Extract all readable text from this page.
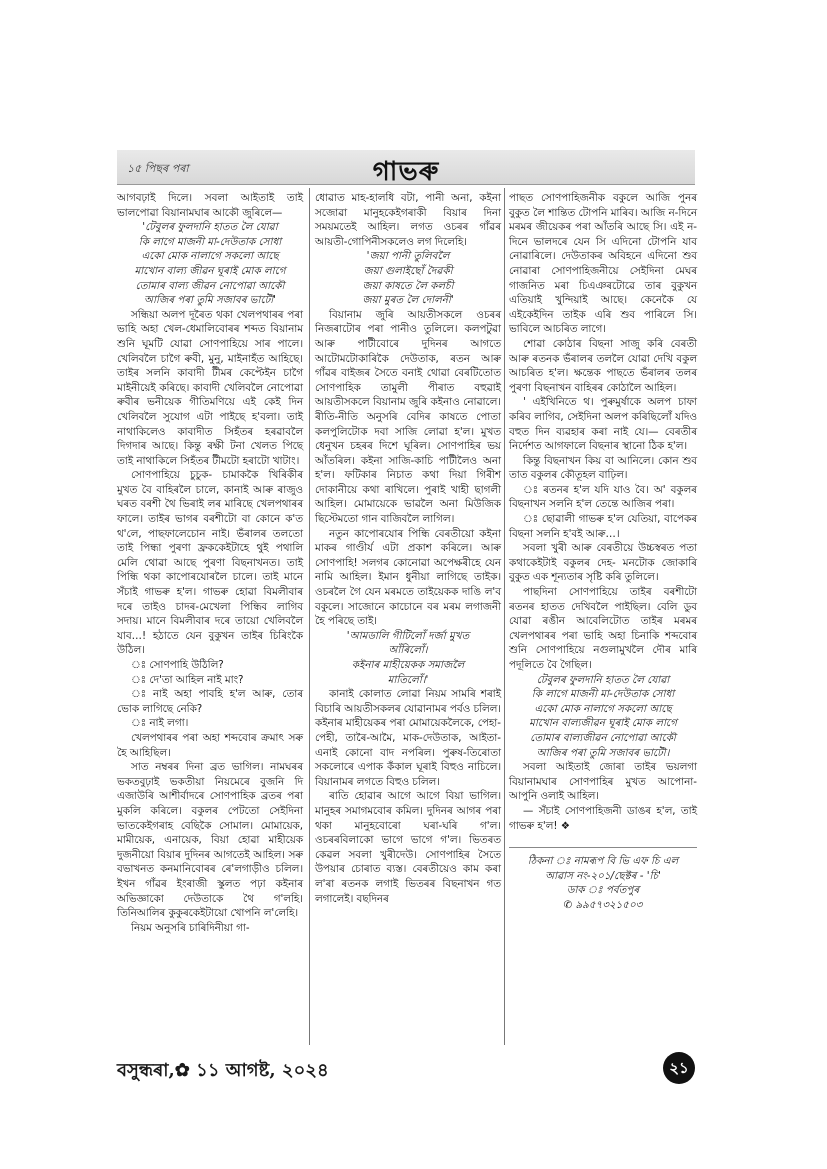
১৫ পিছৰ পৰা	গাভৰু

আগবঢ়াই দিলে। সবলা আইতাই তাই ভালপোৱা বিয়ানামঘাৰ আকৌ জুৰিলে—

'টেবুলৰ ফুলদানি হাতত লৈ যোৱা

কি লাগে মাজনী মা-দেউতাক সোধা

একো মোক নালাগে সকলো আছে

মাখোন বাল্য জীৱন ঘূৰাই মোক লাগে

তোমাৰ বাল্য জীৱন নোপোৱা আকৌ

আজিৰ পৰা তুমি সজাবৰ ভাটৌ'

সন্ধিয়া অলপ দূৰৈত থকা খেলপথাৰৰ পৰা ভাহি অহা খেল-ধেমালিবোৰৰ শব্দত বিয়ানাম শুনি ঘূমটি যোৱা সোণপাহিয়ে সাৰ পালে। খেলিবলৈ চাগৈ ৰুবী, মুনু, মাইনাহঁত আহিছে। তাইৰ সলনি কাবাদী টীমৰ কেপ্টেইন চাগৈ মাইনীয়েই কৰিছে। কাবাদী খেলিবলৈ নোপোৱা ৰুবীৰ ভনীয়েক গীতিমণিয়ে এই কেই দিন খেলিবলৈ সুযোগ এটা পাইছে হ'বলা। তাই নাথাকিলেও কাবাদীত সিহঁতৰ হৰৱাবলৈ দিগদাৰ আছে। কিন্তু ৰক্ষী টনা খেলত পিছে তাই নাথাকিলে সিহঁতৰ টীমটো হৰাটো খাটাং।

সোণপাহিয়ে চুচুক- চামাককৈ খিৰিকীৰ মুখত বৈ বাহিৰলৈ চালে, কানাই আৰু ৰাজুও ঘৰত বৰশী থৈ ভিৰাই লৰ মাৰিছে খেলপথাৰৰ ফালে। তাইৰ ভাগৰ বৰশীটো বা কোনে ক'ত থ'লে, পাছফালেচোন নাই। ভঁৰালৰ তলতো তাই পিন্ধা পুৰণা ফ্ৰককেইটাহে থুই পথালি মেলি থোৱা আছে পুৰণা বিছনাখনত। তাই পিন্ধি থকা কাপোৰযোৰলৈ চালে। তাই মানে সঁচাই গাভৰু হ'ল। গাভৰু হোৱা বিমলীবাৰ দৰে তাইও চাদৰ-মেখেলা পিন্ধিব লাগিব সদায়। মানে বিমলীবাৰ দৰে তায়ো খেলিবলৈ যাব…! হঠাতে যেন বুকুখন তাইৰ চিৰিংকৈ উঠিল।

ঃ সোণপাহি উঠিলি?

ঃ দে'তা আহিল নাই মাং?

ঃ নাই অহা পাবহি হ'ল আৰু, তোৰ ভোক লাগিছে নেকি?

ঃ নাই লগা।

খেলপথাৰৰ পৰা অহা শব্দবোৰ ক্ৰমাৎ সৰু হৈ আহিছিল।

সাত নম্বৰৰ দিনা ব্ৰত ভাগিল। নামঘৰৰ ভকতবুঢ়াই ভকতীয়া নিয়মেৰে বুজনি দি এজাউৰি আশীৰ্বাদৰে সোণপাহিক ব্ৰতৰ পৰা মুকলি কৰিলে। বকুলৰ পেটতো সেইদিনা ভাতকেইগৰাহ বেছিকৈ সোমাল। মোমায়েক, মামীয়েক, এনায়েক, বিয়া হোৱা মাহীয়েক দুজনীয়ো বিয়াৰ দুদিনৰ আগতেই আহিল। সৰু বভাখনত কনমানিবোৰৰ ৰে'লগাড়ীও চলিল। ইখন গাঁৱৰ ইংৰাজী স্কুলত পঢ়া কইনাৰ অভিজ্ঞাকো দেউতাকে থৈ গ'লহি। তিনিআলিৰ কুকুৰকেইটায়ো খোপনি ল'লেহি।

নিয়ম অনুসৰি চাৰিদিনীয়া গা-

ধোৱাত মাহ-হালধি বটা, পানী অনা, কইনা সজোৱা মানুহকেইগৰাকী বিয়াৰ দিনা সময়মতেই আহিল। লগত ওচৰৰ গাঁৱৰ আয়তী-গোপিনীসকলেও লগ দিলেহি।

'জয়া পানী তুলিবলৈ

জয়া গুলাইছোঁ দৈৱকী

জয়া কাষতে লৈ কলচী

জয়া মুৰত লৈ দোলনী'

বিয়ানাম জুৰি আয়তীসকলে ওচৰৰ নিজৰাটোৰ পৰা পানীও তুলিলে। কলপটুৱা আৰু পাটীবোৰে দুদিনৰ আগতে আটোমটোকাৰিকৈ দেউতাক, ৰতন আৰু গাঁৱৰ বাইজৰ সৈতে বনাই থোৱা বেৰটিতোত সোণপাহিক তামুলী পীৰাত বহুৱাই আয়তীসকলে বিয়ানাম জুৰি কইনাও নোৱালে। ৰীতি-নীতি অনুসৰি বেদিৰ কাষতে পোতা কলপুলিটোক দবা সাজি লোৱা হ'ল। মুখত ধেনুখন চহৰৰ দিশে ঘূৰিল। সোণপাহিৰ ভয় আঁতৰিল। কইনা সাজি-কাচি পাটীলৈও অনা হ'ল। ফটিকাৰ নিচাত কথা দিয়া গিৰীশ দোকানীয়ে কথা ৰাখিলে। পুৰাই খাহী ছাগলী আহিল। মোমায়েকে ভাৱলৈ অনা মিউজিক ছিস্টেমতো গান বাজিবলৈ লাগিল।

নতুন কাপোৰযোৰ পিন্ধি বেৰতীয়ো কইনা মাকৰ গাণ্ডীৰ্য এটা প্ৰকাশ কৰিলে। আৰু সোণপাহি! সলগৰ কোনোৱা অপেক্ষৰীহে যেন নামি আহিল। ইমান ধুনীয়া লাগিছে তাইক। ওচৰলৈ গৈ যেন মৰমতে তাইয়েকক দাঙি ল'ব বকুলে। সাজোনে কাচোনে বৰ মৰম লগাজনী হৈ পৰিছে তাই।

'আমডালি গীটিলোঁ দৰ্জা মুখত

আঁৰিলোঁ।

কইনাৰ মাহীয়েকক সমাজলৈ

মাতিলোঁ।'

কানাই কোলাত লোৱা নিয়ম সামৰি শৰাই বিচাৰি আয়তীসকলৰ যোৱানামৰ পৰ্বও চলিল। কইনাৰ মাহীয়েকৰ পৰা মোমায়েকলৈকে, পেহা-পেহী, তাৰৈ-আমৈ, মাক-দেউতাক, আইতা-এনাই কোনো বাদ নপৰিল। পুৰুষ-তিৰোতা সকলোৰে এপাক কঁকাল ঘূৰাই বিহুও নাচিলে। বিয়ানামৰ লগতে বিহুও চলিল।

ৰাতি হোৱাৰ আগে আগে বিয়া ভাগিল। মানুহৰ সমাগমবোৰ কমিল। দুদিনৰ আগৰ পৰা থকা মানুহবোৰো ঘৰা-ঘৰি গ'ল। ওচৰৰবিলাকো ভাগে ভাগে গ'ল। ভিতৰত কেৱল সবলা খুৰীদেউ। সোণপাহিৰ সৈতে উপয়াৰ চোৰাত ব্যস্ত। বেৰতীয়েও কাম কৰা ল'ৰা ৰতনক লগাই ভিতৰৰ বিছনাখন গত লগালেই। বছদিনৰ

পাছত সোণপাহিজনীক বকুলে আজি পুনৰ বুকুত লৈ শান্তিত টোপনি মাৰিব। আজি ন-দিনে মৰমৰ জীয়েকৰ পৰা আঁতৰি আছে সি। এই ন-দিনে ভালদৰে যেন সি এদিনো টোপনি যাব নোৱাৰিলে। দেউতাকৰ অবিহনে এদিনো শুব নোৱাৰা সোণপাহিজনীয়ে সেইদিনা মেঘৰ গাজনিত মৰা চিএঞৰটোৱে তাৰ বুকুখন এতিয়াই খুন্দিয়াই আছে। কেনেকৈ যে এইকেইদিন তাইক এৰি শুব পাৰিলে সি। ভাবিলে আচৰিত লাগে।

শোৱা কোঠাৰ বিছনা সাজু কৰি বেৰতী আৰু ৰতনক ভঁৰালৰ তললৈ যোৱা দেখি বকুল আচৰিত হ'ল। ক্ষন্তেক পাছতে ভঁৰালৰ তলৰ পুৰণা বিছনাখন বাহিৰৰ কোঠালৈ আহিল।

' এইখিনিতে থ। পুৰুমুৰ্ষাকে অলপ চাফা কৰিব লাগিব, সেইদিনা অলপ কৰিছিলোঁ যদিও বহুত দিন ব্যৱহাৰ কৰা নাই যে।— বেৰতীৰ নিৰ্দেশত আগফালে বিছনাৰ স্থানো ঠিক হ'ল।

কিন্তু বিছনাখন কিয় বা আনিলে। কোন শুব তাত বকুলৰ কৌতূহল বাঢ়িল।

ঃ ৰতনৰ হ'ল যদি যাও বৈ। অ' বকুলৰ বিছনাখন সলনি হ'ল তেন্তে আজিৰ পৰা।

ঃ ছোৱালী গাভৰু হ'ল যেতিয়া, বাপেকৰ বিছনা সলনি হ'বই আৰু…।

সবলা খুৰী আৰু বেৰতীয়ে উচ্চস্বৰত পতা কথাকেইটাই বকুলৰ দেহ- মনটোক জোকাৰি বুকুত এক শূন্যতাৰ সৃষ্টি কৰি তুলিলে।

পাছদিনা সোণপাহিয়ে তাইৰ বৰশীটো ৰতনৰ হাতত দেখিবলৈ পাইছিল। বেলি ডুব যোৱা ৰঙীন আবেলিটোত তাইৰ মৰমৰ খেলপথাৰৰ পৰা ভাহি অহা চিনাকি শব্দবোৰ শুনি সোণপাহিয়ে নগুলামুখলৈ দৌৰ মাৰি পদূলিতে বৈ গৈছিল।

টেবুলৰ ফুলদানি হাতত লৈ যোৱা

কি লাগে মাজনী মা-দেউতাক সোধা

একো মোক নালাগে সকলো আছে

মাখোন বাল্যজীৱন ঘূৰাই মোক লাগে

তোমাৰ বাল্যজীৱন নোপোৱা আকৌ

আজিৰ পৰা তুমি সজাবৰ ভাটৌ।

সবলা আইতাই জোৰা তাইৰ ভয়লগা বিয়ানামঘাৰ সোণপাহিৰ মুখত আপোনা-আপুনি ওলাই আহিল।

— সঁচাই সোণপাহিজনী ডাঙৰ হ'ল, তাই গাভৰু হ'ল! ❖

ঠিকনা ঃ নামৰূপ বি ভি এফ চি এল

আৱাস নং-২০১/ছেক্টৰ - 'চি'

ডাক ঃ পৰ্বতপুৰ

✆ ৯৯৫৭৩২১৫০৩

বসুন্ধৰা,✿ ১১ আগষ্ট, ২০২৪	২১
